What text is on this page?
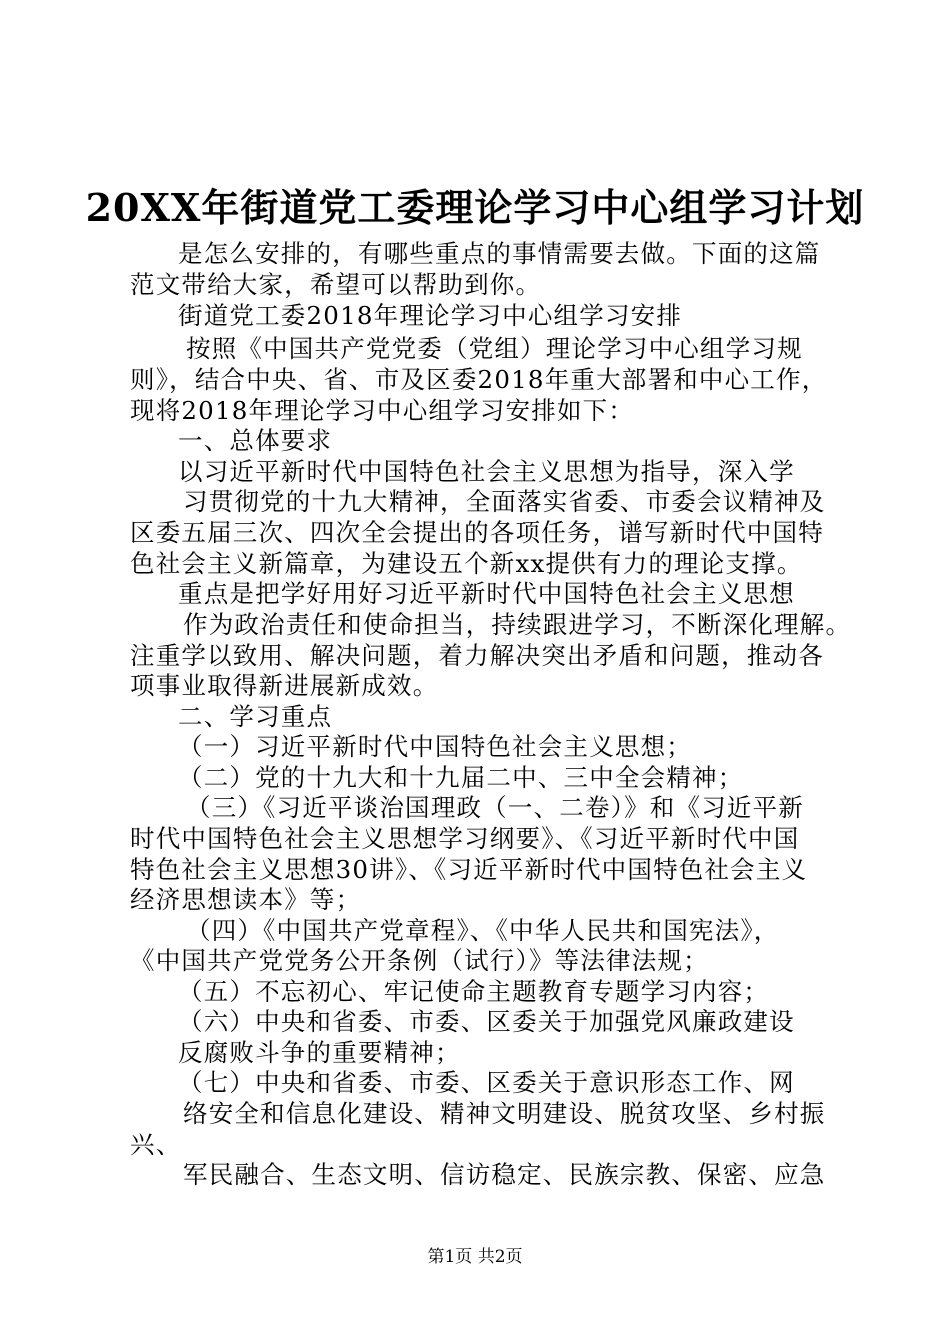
20XX年街道党工委理论学习中心组学习计划
是怎么安排的，有哪些重点的事情需要去做。下面的这篇
范文带给大家，希望可以帮助到你。
街道党工委2018年理论学习中心组学习安排
按照《中国共产党党委（党组）理论学习中心组学习规
则》，结合中央、省、市及区委2018年重大部署和中心工作，
现将2018年理论学习中心组学习安排如下：
一、总体要求
以习近平新时代中国特色社会主义思想为指导，深入学
习贯彻党的十九大精神，全面落实省委、市委会议精神及
区委五届三次、四次全会提出的各项任务，谱写新时代中国特
色社会主义新篇章，为建设五个新xx提供有力的理论支撑。
重点是把学好用好习近平新时代中国特色社会主义思想
作为政治责任和使命担当，持续跟进学习，不断深化理解。
注重学以致用、解决问题，着力解决突出矛盾和问题，推动各
项事业取得新进展新成效。
二、学习重点
（一）习近平新时代中国特色社会主义思想；
（二）党的十九大和十九届二中、三中全会精神；
（三）《习近平谈治国理政（一、二卷）》和《习近平新
时代中国特色社会主义思想学习纲要》、《习近平新时代中国
特色社会主义思想30讲》、《习近平新时代中国特色社会主义
经济思想读本》等；
（四）《中国共产党章程》、《中华人民共和国宪法》，
《中国共产党党务公开条例（试行）》等法律法规；
（五）不忘初心、牢记使命主题教育专题学习内容；
（六）中央和省委、市委、区委关于加强党风廉政建设
反腐败斗争的重要精神；
（七）中央和省委、市委、区委关于意识形态工作、网
络安全和信息化建设、精神文明建设、脱贫攻坚、乡村振
兴、
军民融合、生态文明、信访稳定、民族宗教、保密、应急
第1页 共2页
